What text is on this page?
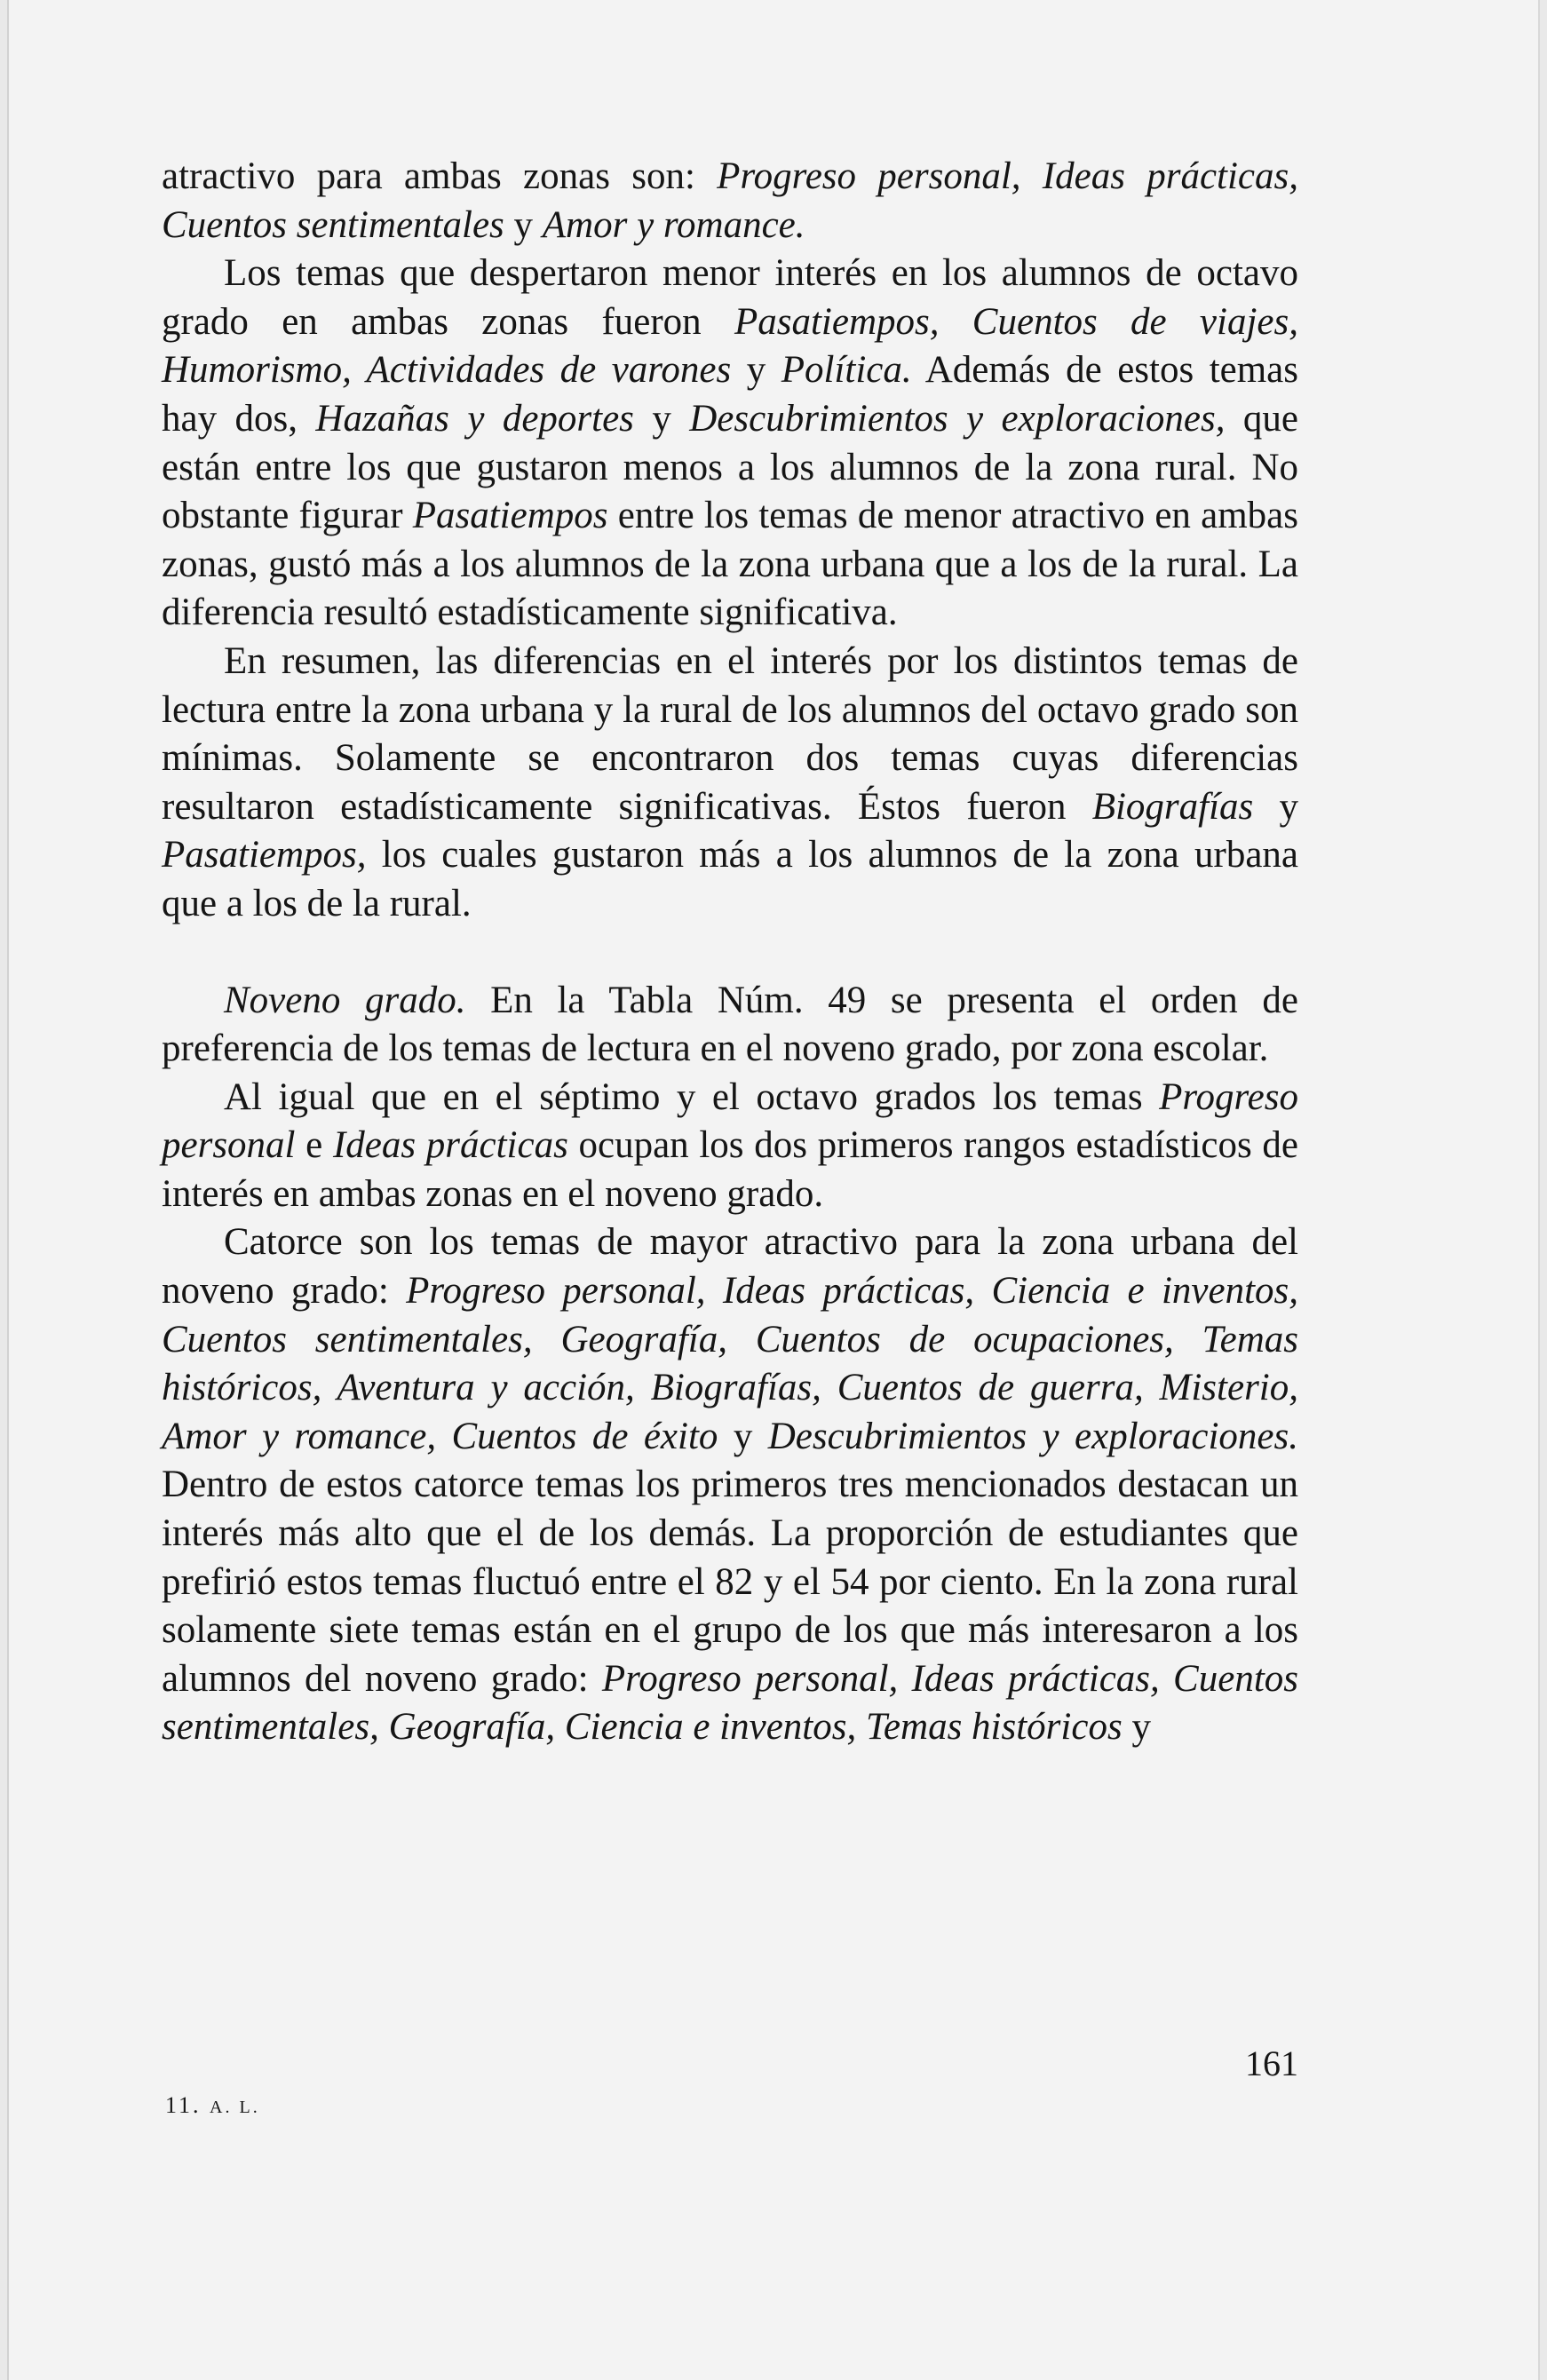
atractivo para ambas zonas son: Progreso personal, Ideas prácticas, Cuentos sentimentales y Amor y romance.

Los temas que despertaron menor interés en los alumnos de octavo grado en ambas zonas fueron Pasatiempos, Cuentos de viajes, Humorismo, Actividades de varones y Política. Además de estos temas hay dos, Hazañas y deportes y Descubrimientos y exploraciones, que están entre los que gustaron menos a los alumnos de la zona rural. No obstante figurar Pasatiempos entre los temas de menor atractivo en ambas zonas, gustó más a los alumnos de la zona urbana que a los de la rural. La diferencia resultó estadísticamente significativa.

En resumen, las diferencias en el interés por los distintos temas de lectura entre la zona urbana y la rural de los alumnos del octavo grado son mínimas. Solamente se encontraron dos temas cuyas diferencias resultaron estadísticamente significativas. Éstos fueron Biografías y Pasatiempos, los cuales gustaron más a los alumnos de la zona urbana que a los de la rural.

Noveno grado. En la Tabla Núm. 49 se presenta el orden de preferencia de los temas de lectura en el noveno grado, por zona escolar.

Al igual que en el séptimo y el octavo grados los temas Progreso personal e Ideas prácticas ocupan los dos primeros rangos estadísticos de interés en ambas zonas en el noveno grado.

Catorce son los temas de mayor atractivo para la zona urbana del noveno grado: Progreso personal, Ideas prácticas, Ciencia e inventos, Cuentos sentimentales, Geografía, Cuentos de ocupaciones, Temas históricos, Aventura y acción, Biografías, Cuentos de guerra, Misterio, Amor y romance, Cuentos de éxito y Descubrimientos y exploraciones. Dentro de estos catorce temas los primeros tres mencionados destacan un interés más alto que el de los demás. La proporción de estudiantes que prefirió estos temas fluctuó entre el 82 y el 54 por ciento. En la zona rural solamente siete temas están en el grupo de los que más interesaron a los alumnos del noveno grado: Progreso personal, Ideas prácticas, Cuentos sentimentales, Geografía, Ciencia e inventos, Temas históricos y

161
11. A. L.
